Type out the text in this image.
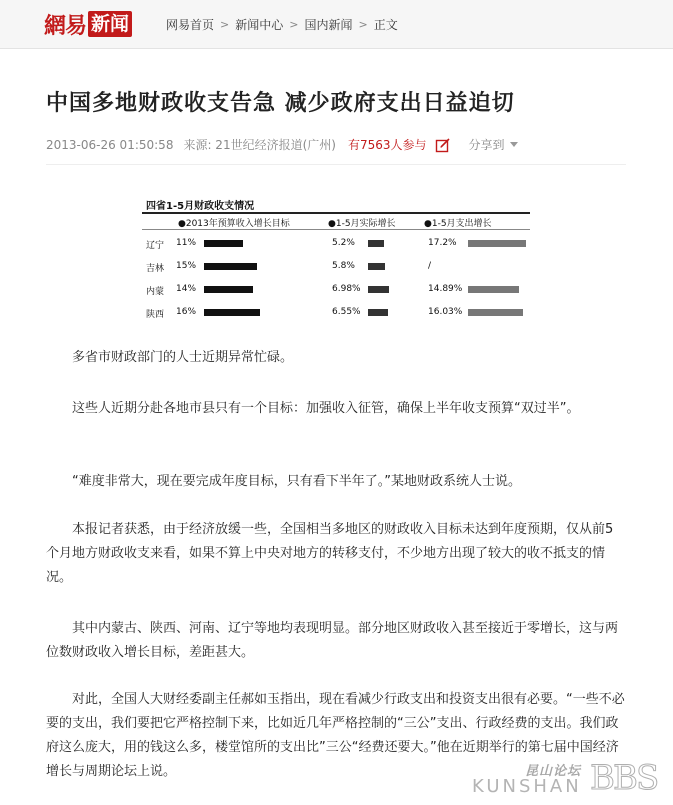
網易 新闻	网易首页 > 新闻中心 > 国内新闻 > 正文
中国多地财政收支告急 减少政府支出日益迫切
2013-06-26 01:50:58 来源: 21世纪经济报道(广州) 有7563人参与	分享到
四省1-5月财政收支情况
●2013年预算收入增长目标	●1-5月实际增长	●1-5月支出增长
辽宁 11%	5.2%	17.2%
吉林 15%	5.8%	/
内蒙 14%	6.98%	14.89%
陕西 16%	6.55%	16.03%

多省市财政部门的人士近期异常忙碌。

这些人近期分赴各地市县只有一个目标：加强收入征管，确保上半年收支预算“双过半”。

“难度非常大，现在要完成年度目标，只有看下半年了。”某地财政系统人士说。

本报记者获悉，由于经济放缓一些，全国相当多地区的财政收入目标未达到年度预期，仅从前5个月地方财政收支来看，如果不算上中央对地方的转移支付，不少地方出现了较大的收不抵支的情况。

其中内蒙古、陕西、河南、辽宁等地均表现明显。部分地区财政收入甚至接近于零增长，这与两位数财政收入增长目标，差距甚大。

对此，全国人大财经委副主任郝如玉指出，现在看减少行政支出和投资支出很有必要。“一些不必要的支出，我们要把它严格控制下来，比如近几年严格控制的“三公”支出、行政经费的支出。我们政府这么庞大，用的钱这么多，楼堂馆所的支出比”三公“经费还要大。”他在近期举行的第七届中国经济增长与周期论坛上说。	昆山论坛
KUNSHAN BBS
